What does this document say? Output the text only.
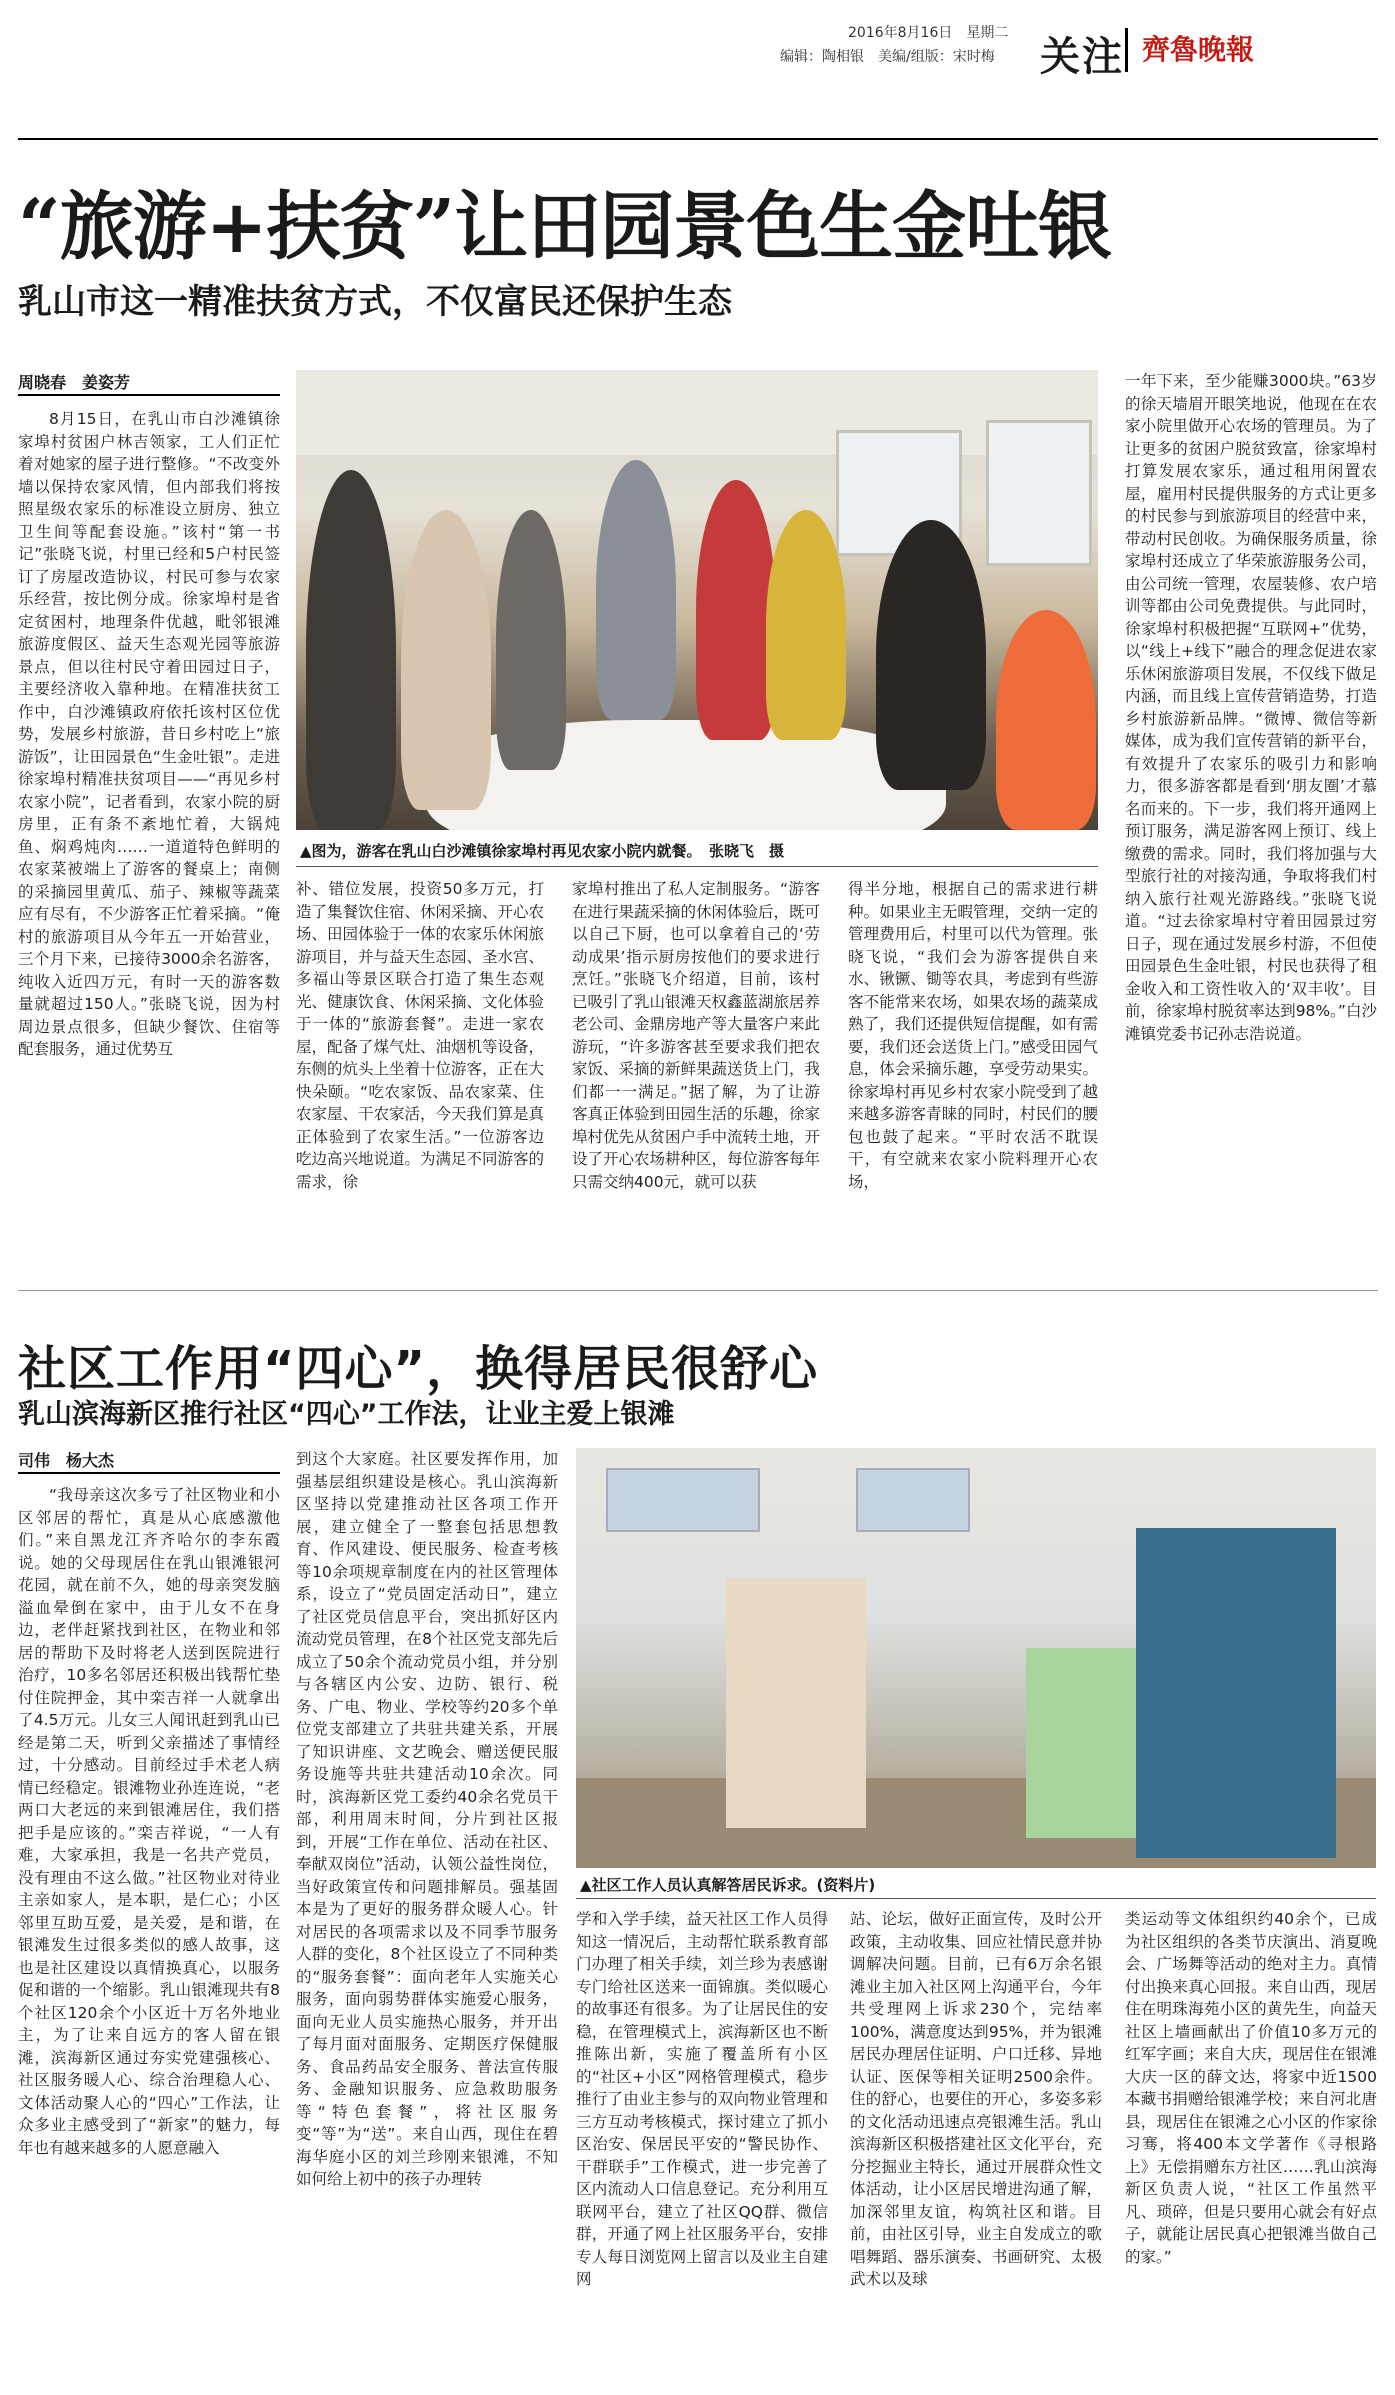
2016年8月16日　星期二
编辑：陶相银　美编/组版：宋时梅 关注 齊魯晚報
“旅游+扶贫”让田园景色生金吐银
乳山市这一精准扶贫方式，不仅富民还保护生态
周晓春　姜姿芳

8月15日，在乳山市白沙滩镇徐家埠村贫困户林吉领家，工人们正忙着对她家的屋子进行整修。“不改变外墙以保持农家风情，但内部我们将按照星级农家乐的标准设立厨房、独立卫生间等配套设施。”该村“第一书记”张晓飞说，村里已经和5户村民签订了房屋改造协议，村民可参与农家乐经营，按比例分成。徐家埠村是省定贫困村，地理条件优越，毗邻银滩旅游度假区、益天生态观光园等旅游景点，但以往村民守着田园过日子，主要经济收入靠种地。在精准扶贫工作中，白沙滩镇政府依托该村区位优势，发展乡村旅游，昔日乡村吃上“旅游饭”，让田园景色“生金吐银”。走进徐家埠村精准扶贫项目——“再见乡村农家小院”，记者看到，农家小院的厨房里，正有条不紊地忙着，大锅炖鱼、焖鸡炖肉……一道道特色鲜明的农家菜被端上了游客的餐桌上；南侧的采摘园里黄瓜、茄子、辣椒等蔬菜应有尽有，不少游客正忙着采摘。“俺村的旅游项目从今年五一开始营业，三个月下来，已接待3000余名游客，纯收入近四万元，有时一天的游客数量就超过150人。”张晓飞说，因为村周边景点很多，但缺少餐饮、住宿等配套服务，通过优势互

▲图为，游客在乳山白沙滩镇徐家埠村再见农家小院内就餐。　张晓飞　摄

补、错位发展，投资50多万元，打造了集餐饮住宿、休闲采摘、开心农场、田园体验于一体的农家乐休闲旅游项目，并与益天生态园、圣水宫、多福山等景区联合打造了集生态观光、健康饮食、休闲采摘、文化体验于一体的“旅游套餐”。走进一家农屋，配备了煤气灶、油烟机等设备，东侧的炕头上坐着十位游客，正在大快朵颐。“吃农家饭、品农家菜、住农家屋、干农家活，今天我们算是真正体验到了农家生活。”一位游客边吃边高兴地说道。为满足不同游客的需求，徐

家埠村推出了私人定制服务。“游客在进行果蔬采摘的休闲体验后，既可以自己下厨，也可以拿着自己的‘劳动成果’指示厨房按他们的要求进行烹饪。”张晓飞介绍道，目前，该村已吸引了乳山银滩天权鑫蓝湖旅居养老公司、金鼎房地产等大量客户来此游玩，“许多游客甚至要求我们把农家饭、采摘的新鲜果蔬送货上门，我们都一一满足。”据了解，为了让游客真正体验到田园生活的乐趣，徐家埠村优先从贫困户手中流转土地，开设了开心农场耕种区，每位游客每年只需交纳400元，就可以获

得半分地，根据自己的需求进行耕种。如果业主无暇管理，交纳一定的管理费用后，村里可以代为管理。张晓飞说，“我们会为游客提供自来水、锹镢、锄等农具，考虑到有些游客不能常来农场，如果农场的蔬菜成熟了，我们还提供短信提醒，如有需要，我们还会送货上门。”感受田园气息，体会采摘乐趣，享受劳动果实。徐家埠村再见乡村农家小院受到了越来越多游客青睐的同时，村民们的腰包也鼓了起来。“平时农活不耽误干，有空就来农家小院料理开心农场，

一年下来，至少能赚3000块。”63岁的徐天墙眉开眼笑地说，他现在在农家小院里做开心农场的管理员。为了让更多的贫困户脱贫致富，徐家埠村打算发展农家乐，通过租用闲置农屋，雇用村民提供服务的方式让更多的村民参与到旅游项目的经营中来，带动村民创收。为确保服务质量，徐家埠村还成立了华荣旅游服务公司，由公司统一管理，农屋装修、农户培训等都由公司免费提供。与此同时，徐家埠村积极把握“互联网+”优势，以“线上+线下”融合的理念促进农家乐休闲旅游项目发展，不仅线下做足内涵，而且线上宣传营销造势，打造乡村旅游新品牌。“微博、微信等新媒体，成为我们宣传营销的新平台，有效提升了农家乐的吸引力和影响力，很多游客都是看到‘朋友圈’才慕名而来的。下一步，我们将开通网上预订服务，满足游客网上预订、线上缴费的需求。同时，我们将加强与大型旅行社的对接沟通，争取将我们村纳入旅行社观光游路线。”张晓飞说道。“过去徐家埠村守着田园景过穷日子，现在通过发展乡村游，不但使田园景色生金吐银，村民也获得了租金收入和工资性收入的‘双丰收’。目前，徐家埠村脱贫率达到98%。”白沙滩镇党委书记孙志浩说道。

社区工作用“四心”，换得居民很舒心
乳山滨海新区推行社区“四心”工作法，让业主爱上银滩
司伟　杨大杰

“我母亲这次多亏了社区物业和小区邻居的帮忙，真是从心底感激他们。”来自黑龙江齐齐哈尔的李东霞说。她的父母现居住在乳山银滩银河花园，就在前不久，她的母亲突发脑溢血晕倒在家中，由于儿女不在身边，老伴赶紧找到社区，在物业和邻居的帮助下及时将老人送到医院进行治疗，10多名邻居还积极出钱帮忙垫付住院押金，其中栾吉祥一人就拿出了4.5万元。儿女三人闻讯赶到乳山已经是第二天，听到父亲描述了事情经过，十分感动。目前经过手术老人病情已经稳定。银滩物业孙连连说，“老两口大老远的来到银滩居住，我们搭把手是应该的。”栾吉祥说，“一人有难，大家承担，我是一名共产党员，没有理由不这么做。”社区物业对待业主亲如家人，是本职，是仁心；小区邻里互助互爱，是关爱，是和谐，在银滩发生过很多类似的感人故事，这也是社区建设以真情换真心，以服务促和谐的一个缩影。乳山银滩现共有8个社区120余个小区近十万名外地业主，为了让来自远方的客人留在银滩，滨海新区通过夯实党建强核心、社区服务暖人心、综合治理稳人心、文体活动聚人心的“四心”工作法，让众多业主感受到了“新家”的魅力，每年也有越来越多的人愿意融入

到这个大家庭。社区要发挥作用，加强基层组织建设是核心。乳山滨海新区坚持以党建推动社区各项工作开展，建立健全了一整套包括思想教育、作风建设、便民服务、检查考核等10余项规章制度在内的社区管理体系，设立了“党员固定活动日”，建立了社区党员信息平台，突出抓好区内流动党员管理，在8个社区党支部先后成立了50余个流动党员小组，并分别与各辖区内公安、边防、银行、税务、广电、物业、学校等约20多个单位党支部建立了共驻共建关系，开展了知识讲座、文艺晚会、赠送便民服务设施等共驻共建活动10余次。同时，滨海新区党工委约40余名党员干部，利用周末时间，分片到社区报到，开展“工作在单位、活动在社区、奉献双岗位”活动，认领公益性岗位，当好政策宣传和问题排解员。强基固本是为了更好的服务群众暖人心。针对居民的各项需求以及不同季节服务人群的变化，8个社区设立了不同种类的“服务套餐”：面向老年人实施关心服务，面向弱势群体实施爱心服务，面向无业人员实施热心服务，并开出了每月面对面服务、定期医疗保健服务、食品药品安全服务、普法宣传服务、金融知识服务、应急救助服务等“特色套餐”，将社区服务变“等”为“送”。来自山西，现住在碧海华庭小区的刘兰珍刚来银滩，不知如何给上初中的孩子办理转

▲社区工作人员认真解答居民诉求。(资料片)

学和入学手续，益天社区工作人员得知这一情况后，主动帮忙联系教育部门办理了相关手续，刘兰珍为表感谢专门给社区送来一面锦旗。类似暖心的故事还有很多。为了让居民住的安稳，在管理模式上，滨海新区也不断推陈出新，实施了覆盖所有小区的“社区+小区”网格管理模式，稳步推行了由业主参与的双向物业管理和三方互动考核模式，探讨建立了抓小区治安、保居民平安的“警民协作、干群联手”工作模式，进一步完善了区内流动人口信息登记。充分利用互联网平台，建立了社区QQ群、微信群，开通了网上社区服务平台，安排专人每日浏览网上留言以及业主自建网

站、论坛，做好正面宣传，及时公开政策，主动收集、回应社情民意并协调解决问题。目前，已有6万余名银滩业主加入社区网上沟通平台，今年共受理网上诉求230个，完结率100%，满意度达到95%，并为银滩居民办理居住证明、户口迁移、异地认证、医保等相关证明2500余件。住的舒心，也要住的开心，多姿多彩的文化活动迅速点亮银滩生活。乳山滨海新区积极搭建社区文化平台，充分挖掘业主特长，通过开展群众性文体活动，让小区居民增进沟通了解，加深邻里友谊，构筑社区和谐。目前，由社区引导，业主自发成立的歌唱舞蹈、器乐演奏、书画研究、太极武术以及球

类运动等文体组织约40余个，已成为社区组织的各类节庆演出、消夏晚会、广场舞等活动的绝对主力。真情付出换来真心回报。来自山西，现居住在明珠海苑小区的黄先生，向益天社区上墙画献出了价值10多万元的红军字画；来自大庆，现居住在银滩大庆一区的薛文达，将家中近1500本藏书捐赠给银滩学校；来自河北唐县，现居住在银滩之心小区的作家徐习骞，将400本文学著作《寻根路上》无偿捐赠东方社区……乳山滨海新区负责人说，“社区工作虽然平凡、琐碎，但是只要用心就会有好点子，就能让居民真心把银滩当做自己的家。”
